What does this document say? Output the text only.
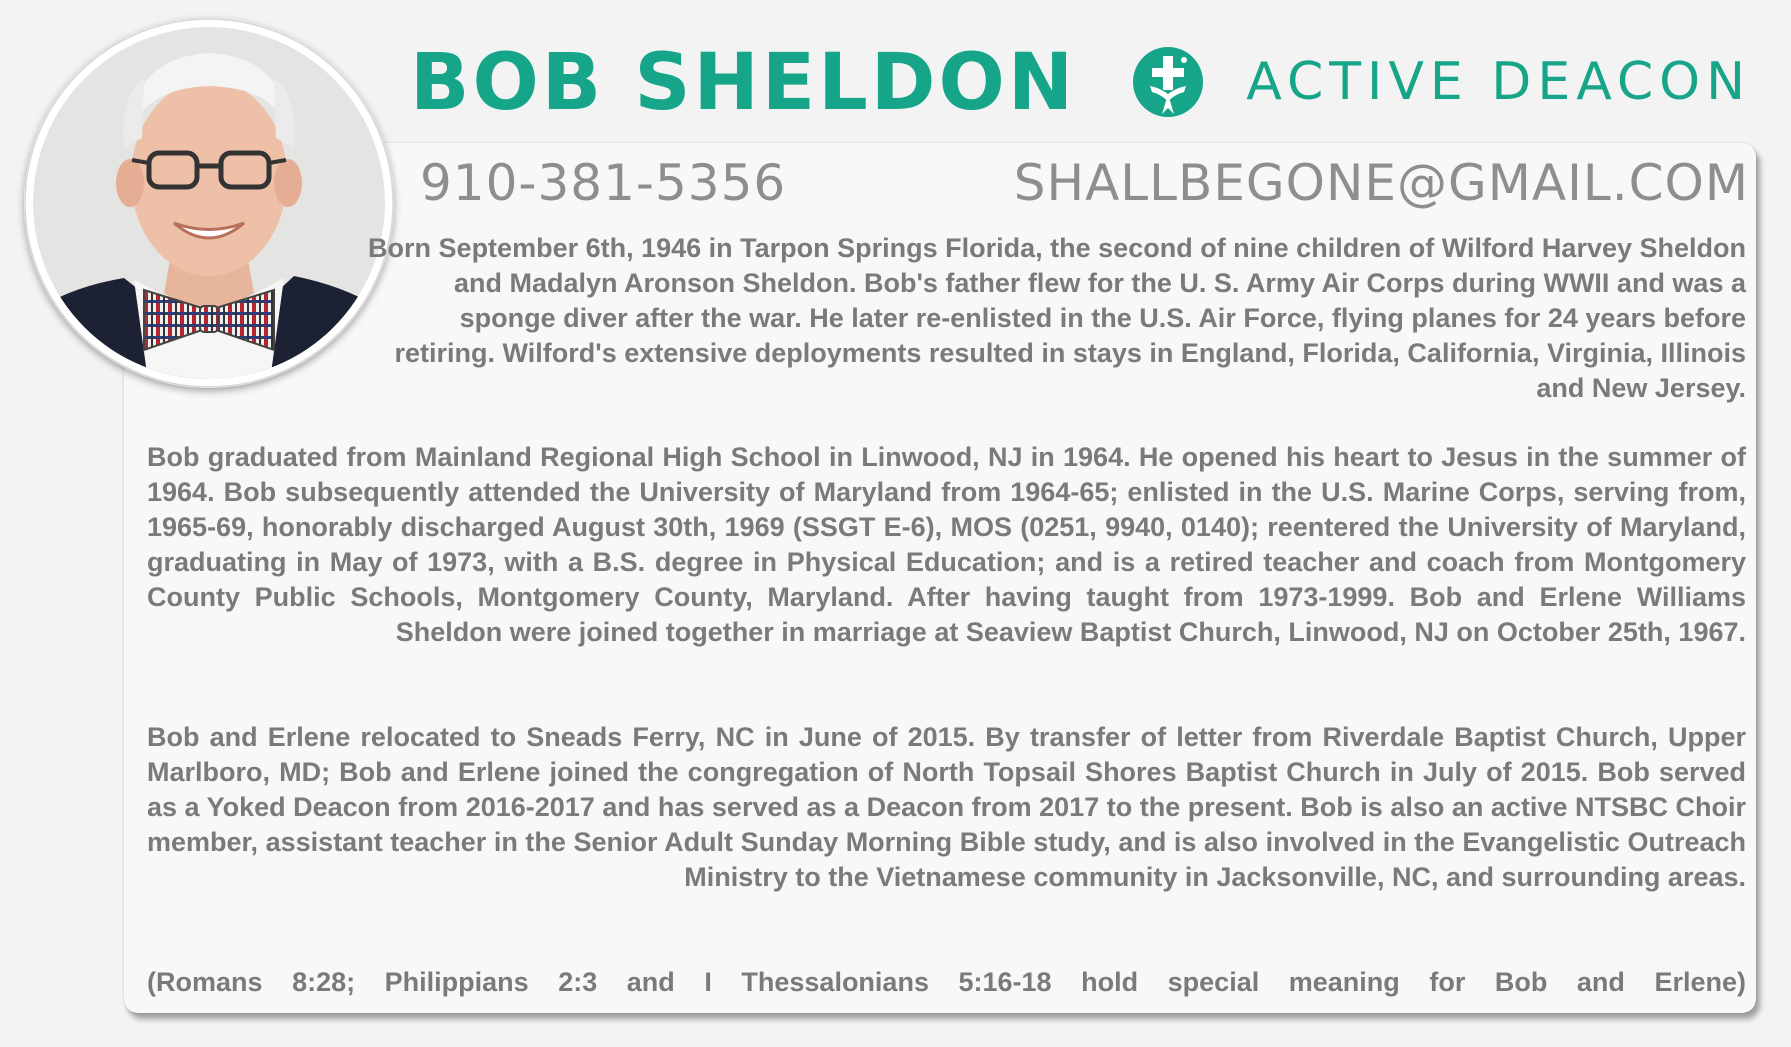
BOB SHELDON	ACTIVE DEACON
910-381-5356	SHALLBEGONE@GMAIL.COM

Born September 6th, 1946 in Tarpon Springs Florida, the second of nine children of Wilford Harvey Sheldon and Madalyn Aronson Sheldon. Bob's father flew for the U. S. Army Air Corps during WWII and was a sponge diver after the war. He later re-enlisted in the U.S. Air Force, flying planes for 24 years before retiring. Wilford's extensive deployments resulted in stays in England, Florida, California, Virginia, Illinois and New Jersey.

Bob graduated from Mainland Regional High School in Linwood, NJ in 1964. He opened his heart to Jesus in the summer of 1964. Bob subsequently attended the University of Maryland from 1964-65; enlisted in the U.S. Marine Corps, serving from, 1965-69, honorably discharged August 30th, 1969 (SSGT E-6), MOS (0251, 9940, 0140); reentered the University of Maryland, graduating in May of 1973, with a B.S. degree in Physical Education; and is a retired teacher and coach from Montgomery County Public Schools, Montgomery County, Maryland. After having taught from 1973-1999. Bob and Erlene Williams Sheldon were joined together in marriage at Seaview Baptist Church, Linwood, NJ on October 25th, 1967.

Bob and Erlene relocated to Sneads Ferry, NC in June of 2015. By transfer of letter from Riverdale Baptist Church, Upper Marlboro, MD; Bob and Erlene joined the congregation of North Topsail Shores Baptist Church in July of 2015. Bob served as a Yoked Deacon from 2016-2017 and has served as a Deacon from 2017 to the present. Bob is also an active NTSBC Choir member, assistant teacher in the Senior Adult Sunday Morning Bible study, and is also involved in the Evangelistic Outreach Ministry to the Vietnamese community in Jacksonville, NC, and surrounding areas.

(Romans 8:28; Philippians 2:3 and I Thessalonians 5:16-18 hold special meaning for Bob and Erlene)
